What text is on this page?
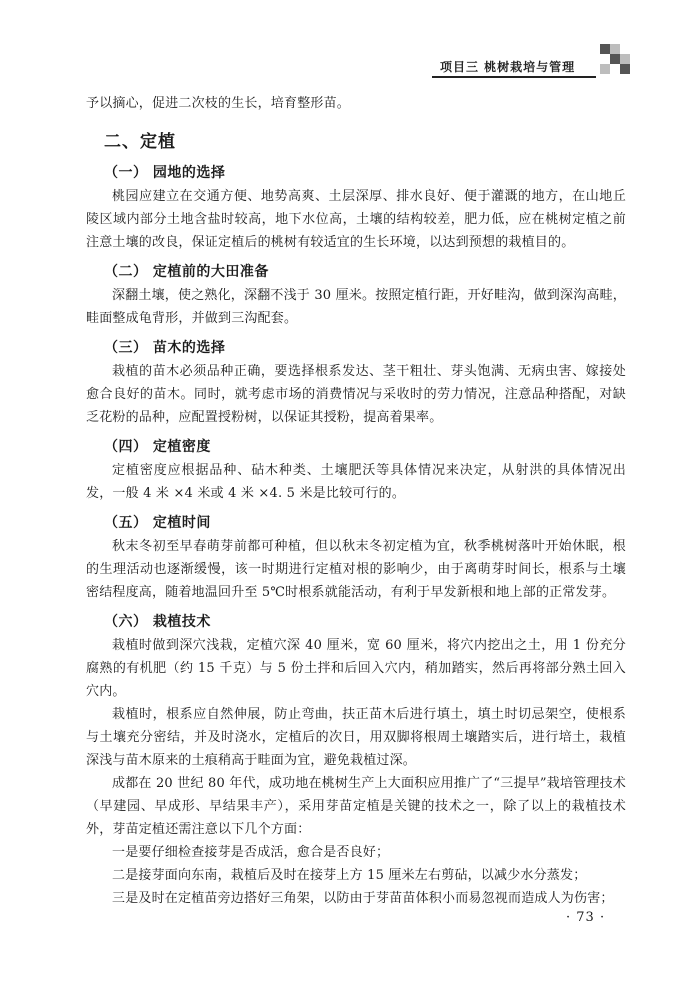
项目三 桃树栽培与管理

予以摘心，促进二次枝的生长，培育整形苗。

二、定植
（一） 园地的选择

桃园应建立在交通方便、地势高爽、土层深厚、排水良好、便于灌溉的地方，在山地丘陵区域内部分土地含盐时较高，地下水位高，土壤的结构较差，肥力低，应在桃树定植之前注意土壤的改良，保证定植后的桃树有较适宜的生长环境，以达到预想的栽植目的。

（二） 定植前的大田准备

深翻土壤，使之熟化，深翻不浅于 30 厘米。按照定植行距，开好畦沟，做到深沟高畦，畦面整成龟背形，并做到三沟配套。

（三） 苗木的选择

栽植的苗木必须品种正确，要选择根系发达、茎干粗壮、芽头饱满、无病虫害、嫁接处愈合良好的苗木。同时，就考虑市场的消费情况与采收时的劳力情况，注意品种搭配，对缺乏花粉的品种，应配置授粉树，以保证其授粉，提高着果率。

（四） 定植密度

定植密度应根据品种、砧木种类、土壤肥沃等具体情况来决定，从射洪的具体情况出发，一般 4 米 ×4 米或 4 米 ×4. 5 米是比较可行的。

（五） 定植时间

秋末冬初至早春萌芽前都可种植，但以秋末冬初定植为宜，秋季桃树落叶开始休眠，根的生理活动也逐渐缓慢，该一时期进行定植对根的影响少，由于离萌芽时间长，根系与土壤密结程度高，随着地温回升至 5℃时根系就能活动，有利于早发新根和地上部的正常发芽。

（六） 栽植技术

栽植时做到深穴浅栽，定植穴深 40 厘米，宽 60 厘米，将穴内挖出之土，用 1 份充分腐熟的有机肥（约 15 千克）与 5 份土拌和后回入穴内，稍加踏实，然后再将部分熟土回入穴内。

栽植时，根系应自然伸展，防止弯曲，扶正苗木后进行填土，填土时切忌架空，使根系与土壤充分密结，并及时浇水，定植后的次日，用双脚将根周土壤踏实后，进行培土，栽植深浅与苗木原来的土痕稍高于畦面为宜，避免栽植过深。

成都在 20 世纪 80 年代，成功地在桃树生产上大面积应用推广了“三提早”栽培管理技术（早建园、早成形、早结果丰产），采用芽苗定植是关键的技术之一，除了以上的栽植技术外，芽苗定植还需注意以下几个方面：

一是要仔细检查接芽是否成活，愈合是否良好；

二是接芽面向东南，栽植后及时在接芽上方 15 厘米左右剪砧，以减少水分蒸发；

三是及时在定植苗旁边搭好三角架，以防由于芽苗苗体积小而易忽视而造成人为伤害；

· 73 ·
